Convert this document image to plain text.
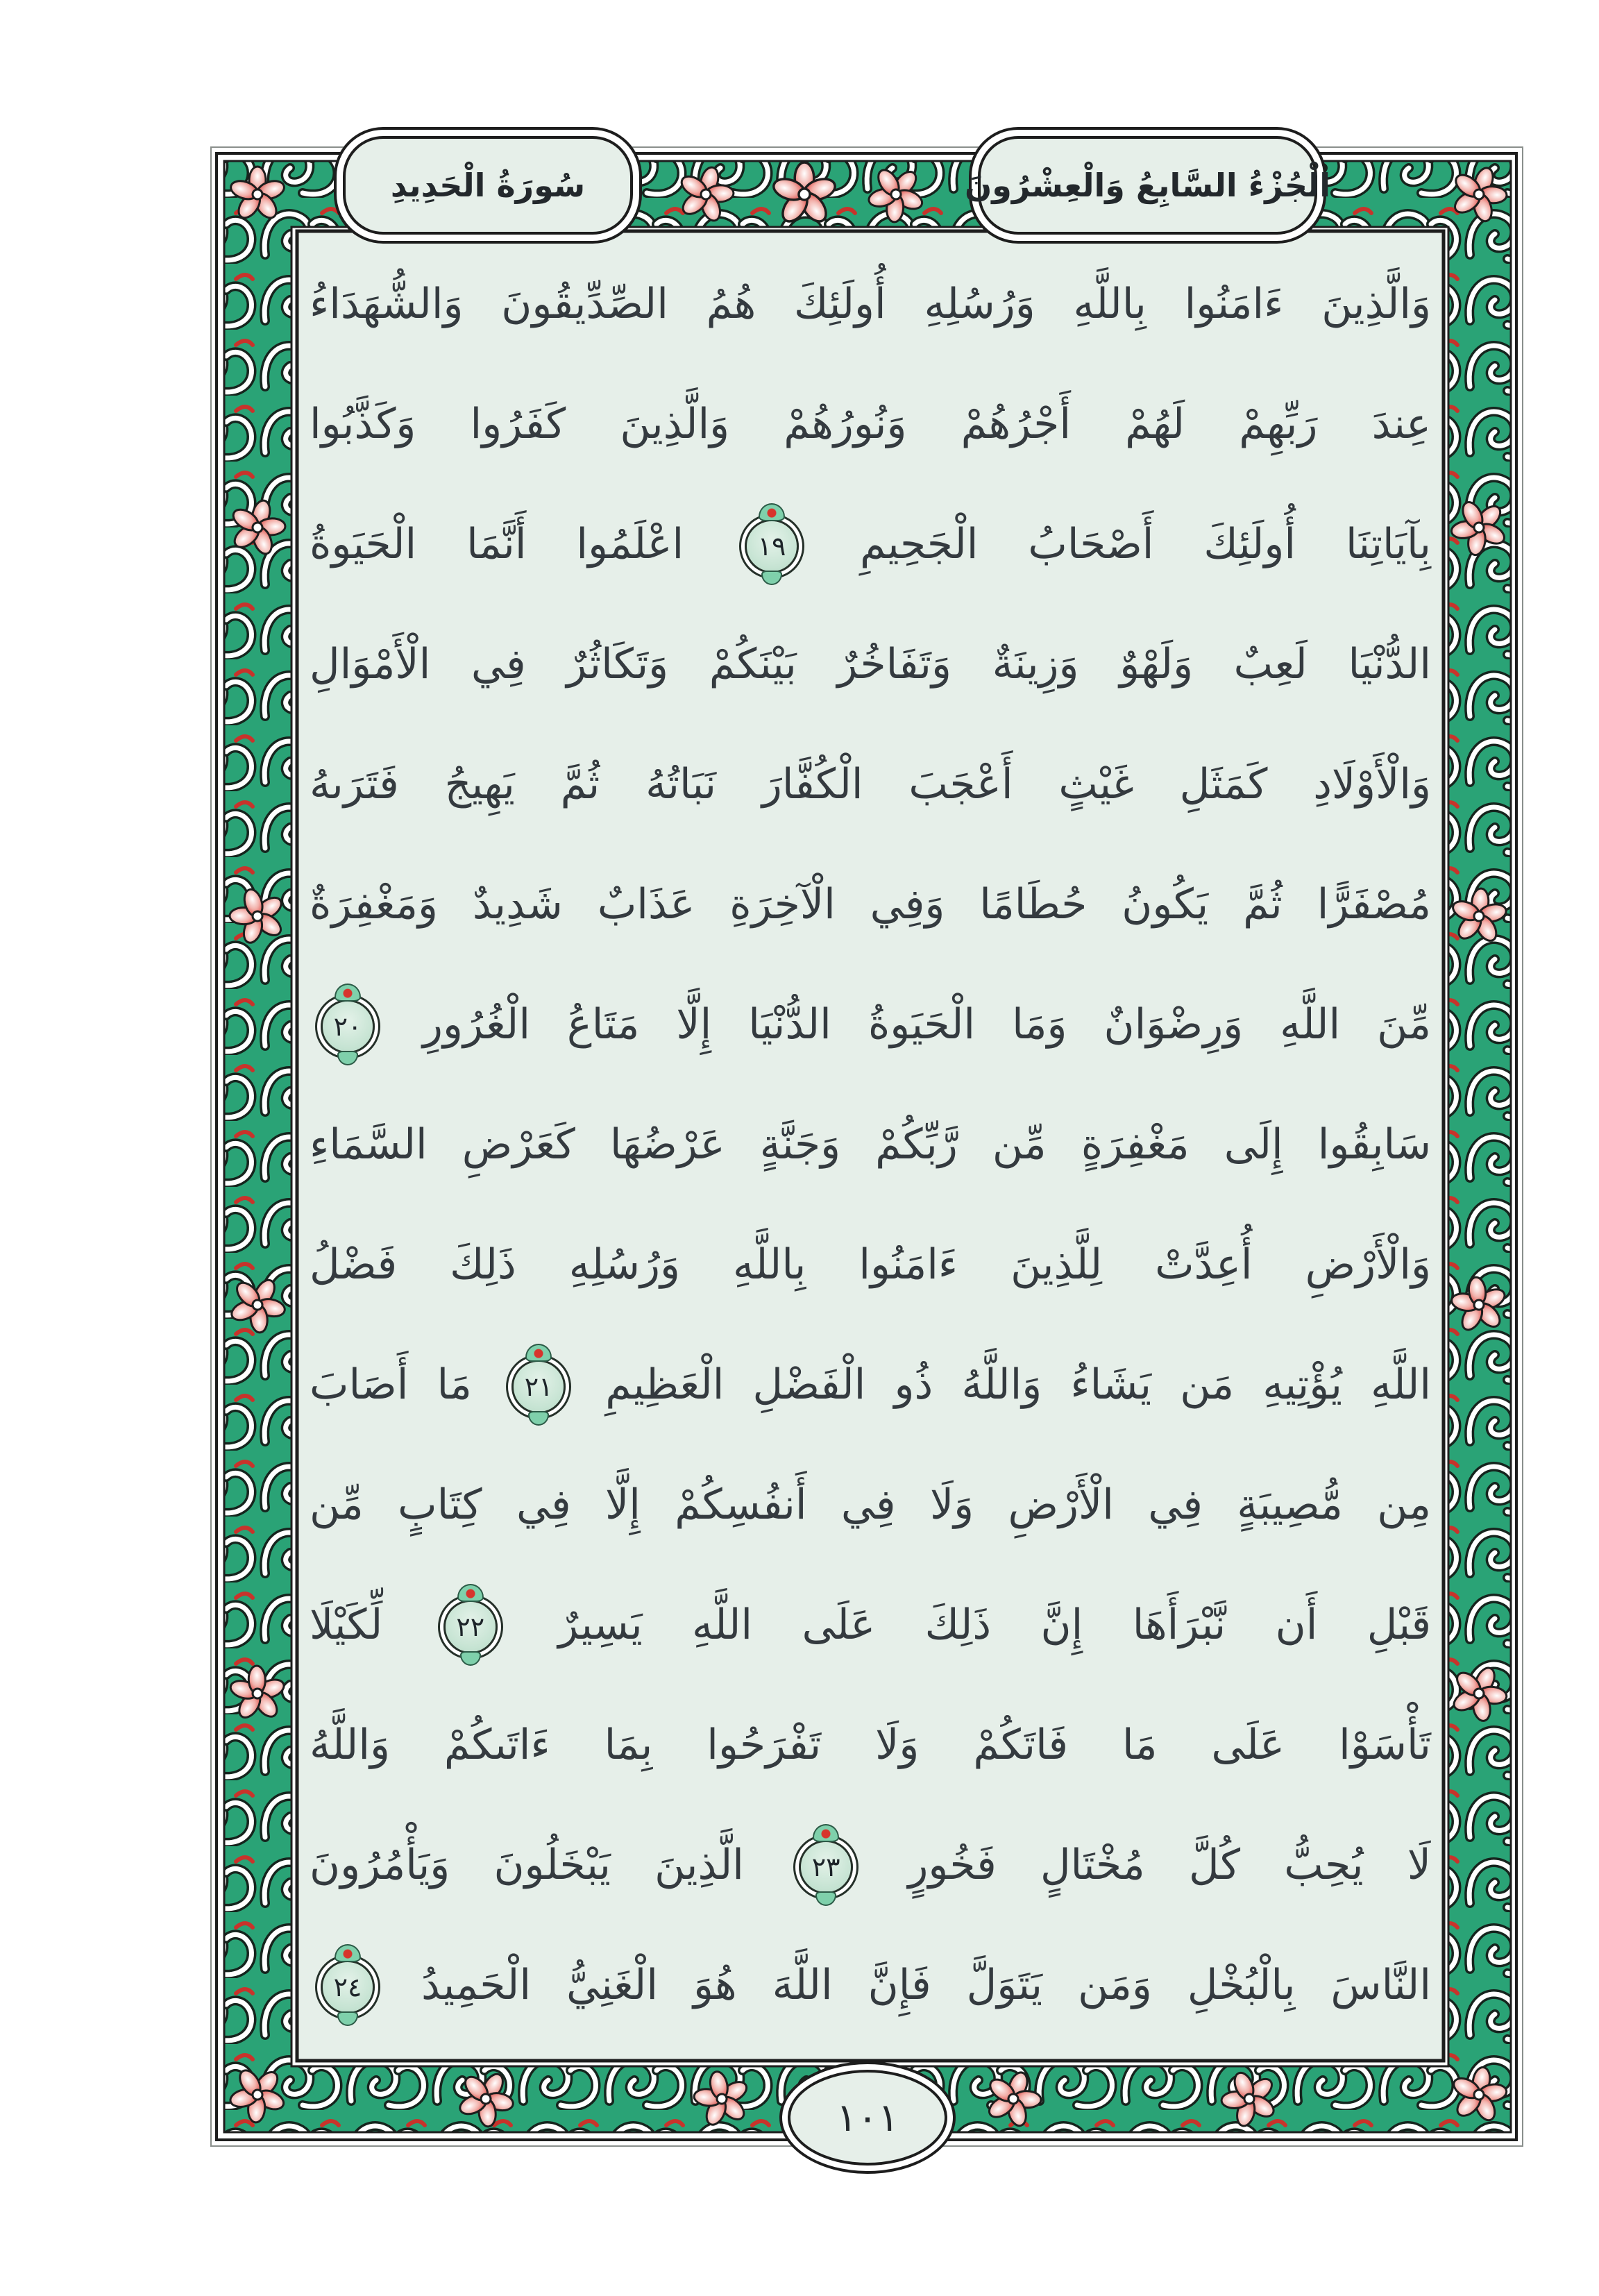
الْجُزْءُ السَّابِعُ وَالْعِشْرُونَ
سُورَةُ الْحَدِيدِ
وَالَّذِينَ ءَامَنُوا بِاللَّهِ وَرُسُلِهِ أُولَئِكَ هُمُ الصِّدِّيقُونَ وَالشُّهَدَاءُ
عِندَ رَبِّهِمْ لَهُمْ أَجْرُهُمْ وَنُورُهُمْ وَالَّذِينَ كَفَرُوا وَكَذَّبُوا
بِآيَاتِنَا أُولَئِكَ أَصْحَابُ الْجَحِيمِ ١٩ اعْلَمُوا أَنَّمَا الْحَيَوةُ
الدُّنْيَا لَعِبٌ وَلَهْوٌ وَزِينَةٌ وَتَفَاخُرٌ بَيْنَكُمْ وَتَكَاثُرٌ فِي الْأَمْوَالِ
وَالْأَوْلَادِ كَمَثَلِ غَيْثٍ أَعْجَبَ الْكُفَّارَ نَبَاتُهُ ثُمَّ يَهِيجُ فَتَرَىهُ
مُصْفَرًّا ثُمَّ يَكُونُ حُطَامًا وَفِي الْآخِرَةِ عَذَابٌ شَدِيدٌ وَمَغْفِرَةٌ
مِّنَ اللَّهِ وَرِضْوَانٌ وَمَا الْحَيَوةُ الدُّنْيَا إِلَّا مَتَاعُ الْغُرُورِ ٢٠
سَابِقُوا إِلَى مَغْفِرَةٍ مِّن رَّبِّكُمْ وَجَنَّةٍ عَرْضُهَا كَعَرْضِ السَّمَاءِ
وَالْأَرْضِ أُعِدَّتْ لِلَّذِينَ ءَامَنُوا بِاللَّهِ وَرُسُلِهِ ذَلِكَ فَضْلُ
اللَّهِ يُؤْتِيهِ مَن يَشَاءُ وَاللَّهُ ذُو الْفَضْلِ الْعَظِيمِ ٢١ مَا أَصَابَ
مِن مُّصِيبَةٍ فِي الْأَرْضِ وَلَا فِي أَنفُسِكُمْ إِلَّا فِي كِتَابٍ مِّن
قَبْلِ أَن نَّبْرَأَهَا إِنَّ ذَلِكَ عَلَى اللَّهِ يَسِيرٌ ٢٢ لِّكَيْلَا
تَأْسَوْا عَلَى مَا فَاتَكُمْ وَلَا تَفْرَحُوا بِمَا ءَاتَىكُمْ وَاللَّهُ
لَا يُحِبُّ كُلَّ مُخْتَالٍ فَخُورٍ ٢٣ الَّذِينَ يَبْخَلُونَ وَيَأْمُرُونَ
النَّاسَ بِالْبُخْلِ وَمَن يَتَوَلَّ فَإِنَّ اللَّهَ هُوَ الْغَنِيُّ الْحَمِيدُ ٢٤
١٠١
